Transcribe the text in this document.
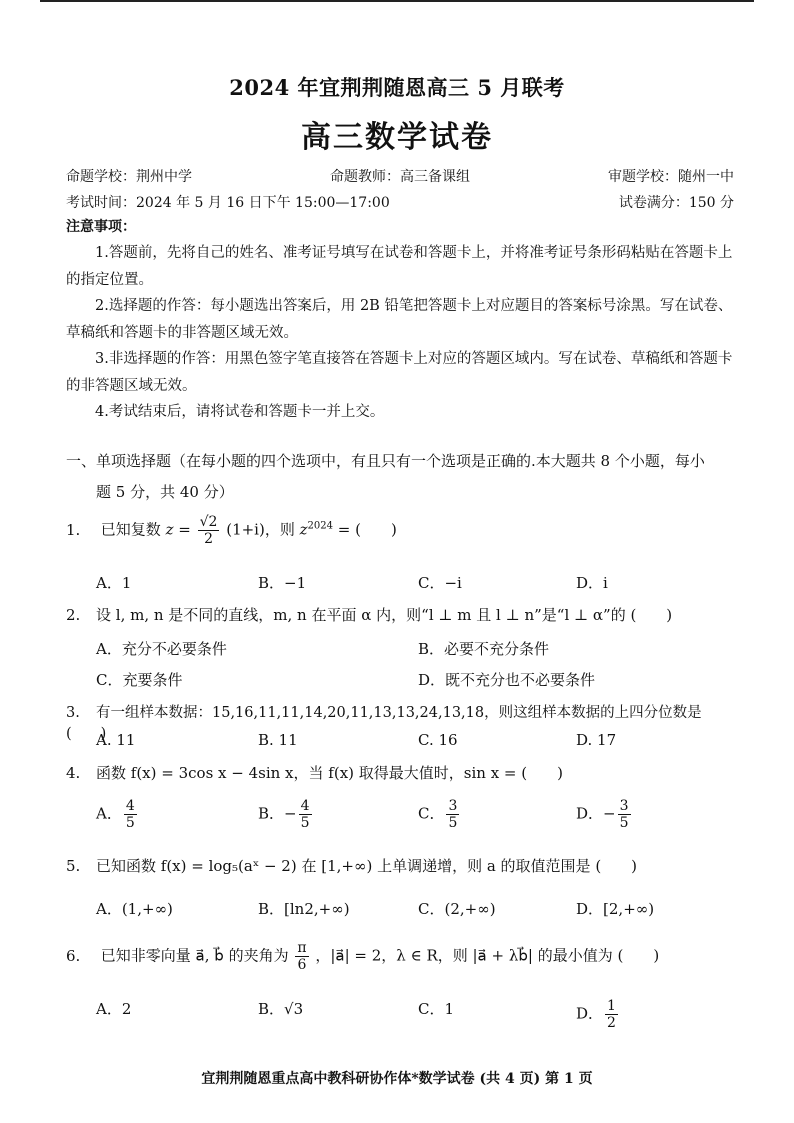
2024 年宜荆荆随恩高三 5 月联考
高三数学试卷
命题学校：荆州中学	命题教师：高三备课组	审题学校：随州一中
考试时间：2024 年 5 月 16 日下午 15:00—17:00	试卷满分：150 分
注意事项：
1.答题前，先将自己的姓名、准考证号填写在试卷和答题卡上，并将准考证号条形码粘贴在答题卡上的指定位置。
2.选择题的作答：每小题选出答案后，用 2B 铅笔把答题卡上对应题目的答案标号涂黑。写在试卷、草稿纸和答题卡的非答题区域无效。
3.非选择题的作答：用黑色签字笔直接答在答题卡上对应的答题区域内。写在试卷、草稿纸和答题卡的非答题区域无效。
4.考试结束后，请将试卷和答题卡一并上交。
一、单项选择题（在每小题的四个选项中，有且只有一个选项是正确的.本大题共 8 个小题，每小
题 5 分，共 40 分）
1. 已知复数 $z = \frac{√2}{2} (1+i)$，则 $z^{2024}$ = (　　)
A．1	B．−1	C．−i	D．i
2. 设 l, m, n 是不同的直线，m, n 在平面 α 内，则“l ⊥ m 且 l ⊥ n”是“l ⊥ α”的 (　　)
A．充分不必要条件	B．必要不充分条件
C．充要条件	D．既不充分也不必要条件
3. 有一组样本数据：15,16,11,11,14,20,11,13,13,24,13,18，则这组样本数据的上四分位数是 (　　)
A. 11	B. 11	C. 16	D. 17
4. 函数 f(x) = 3cos x − 4sin x，当 f(x) 取得最大值时，sin x = (　　)
A． $\frac{4}{5}$	B．− $\frac{4}{5}$	C． $\frac{3}{5}$	D．− $\frac{3}{5}$
5. 已知函数 f(x) = log₅(aˣ − 2) 在 [1,+∞) 上单调递增，则 a 的取值范围是 (　　)
A．(1,+∞)	B．[ln2,+∞)	C．(2,+∞)	D．[2,+∞)
6. 已知非零向量 a⃗, b⃗ 的夹角为 $\frac{\pi}{6}$ ，|a⃗| = 2，λ ∈ R，则 |a⃗ + λb⃗| 的最小值为 (　　)
A．2	B．√3	C．1	D． $\frac{1}{2}$
宜荆荆随恩重点高中教科研协作体*数学试卷 (共 4 页) 第 1 页
